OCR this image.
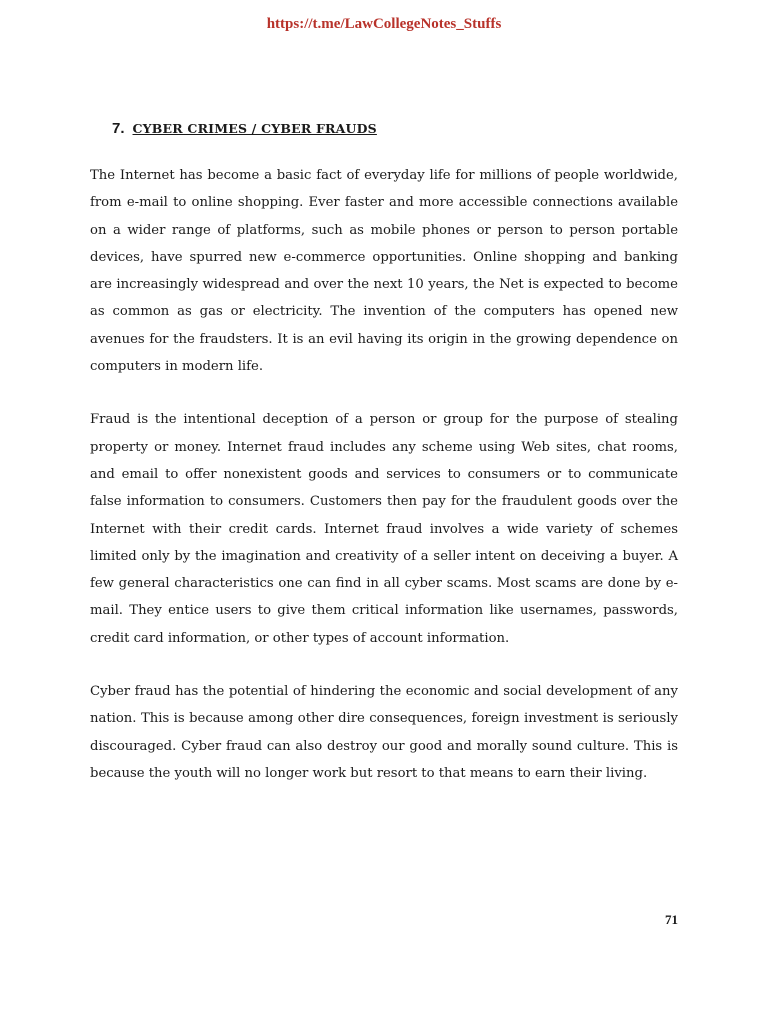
https://t.me/LawCollegeNotes_Stuffs
7. CYBER CRIMES / CYBER FRAUDS

The Internet has become a basic fact of everyday life for millions of people worldwide, from e-mail to online shopping. Ever faster and more accessible connections available on a wider range of platforms, such as mobile phones or person to person portable devices, have spurred new e-commerce opportunities. Online shopping and banking are increasingly widespread and over the next 10 years, the Net is expected to become as common as gas or electricity. The invention of the computers has opened new avenues for the fraudsters. It is an evil having its origin in the growing dependence on computers in modern life.

Fraud is the intentional deception of a person or group for the purpose of stealing property or money. Internet fraud includes any scheme using Web sites, chat rooms, and email to offer nonexistent goods and services to consumers or to communicate false information to consumers. Customers then pay for the fraudulent goods over the Internet with their credit cards. Internet fraud involves a wide variety of schemes limited only by the imagination and creativity of a seller intent on deceiving a buyer. A few general characteristics one can find in all cyber scams. Most scams are done by e-mail. They entice users to give them critical information like usernames, passwords, credit card information, or other types of account information.

Cyber fraud has the potential of hindering the economic and social development of any nation. This is because among other dire consequences, foreign investment is seriously discouraged. Cyber fraud can also destroy our good and morally sound culture. This is because the youth will no longer work but resort to that means to earn their living.

71
